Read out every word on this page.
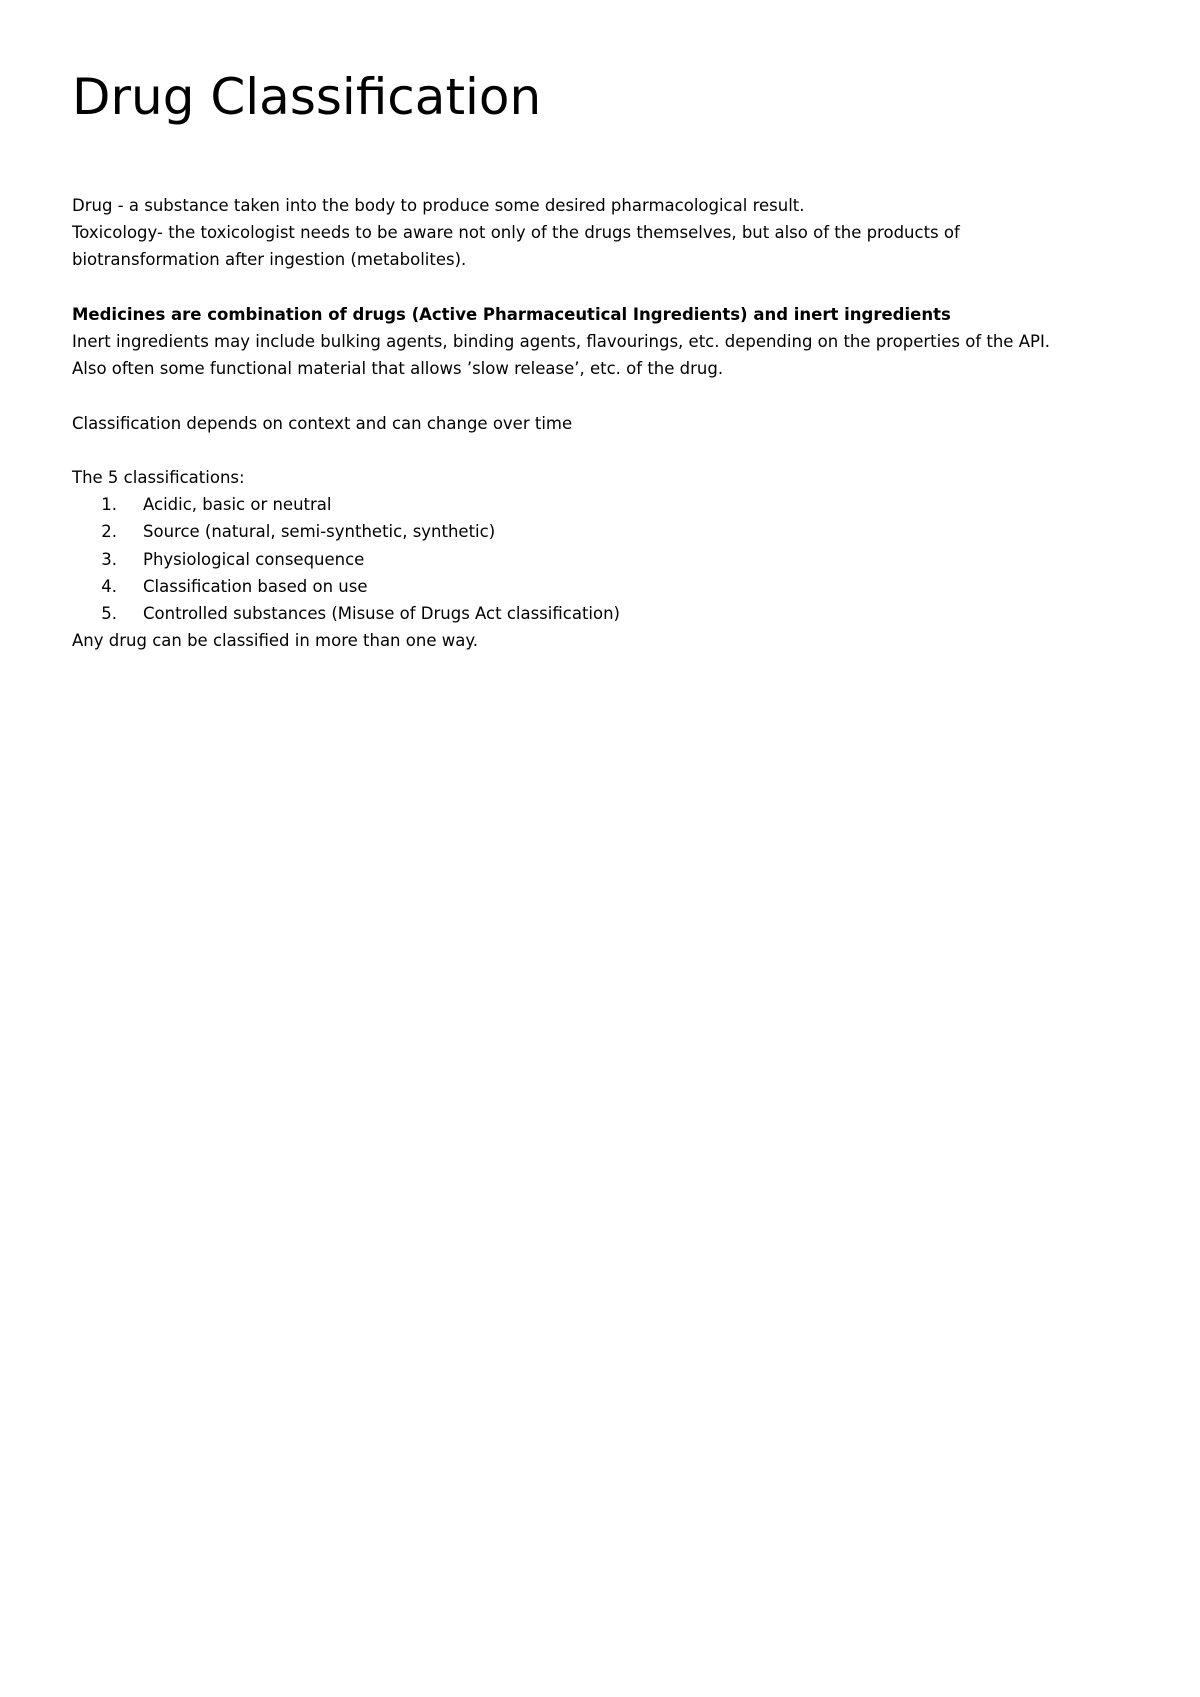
Drug Classification
Drug - a substance taken into the body to produce some desired pharmacological result.
Toxicology- the toxicologist needs to be aware not only of the drugs themselves, but also of the products of
biotransformation after ingestion (metabolites).
Medicines are combination of drugs (Active Pharmaceutical Ingredients) and inert ingredients
Inert ingredients may include bulking agents, binding agents, flavourings, etc. depending on the properties of the API.
Also often some functional material that allows ’slow release’, etc. of the drug.
Classification depends on context and can change over time
The 5 classifications:
1. Acidic, basic or neutral
2. Source (natural, semi-synthetic, synthetic)
3. Physiological consequence
4. Classification based on use
5. Controlled substances (Misuse of Drugs Act classification)
Any drug can be classified in more than one way.
